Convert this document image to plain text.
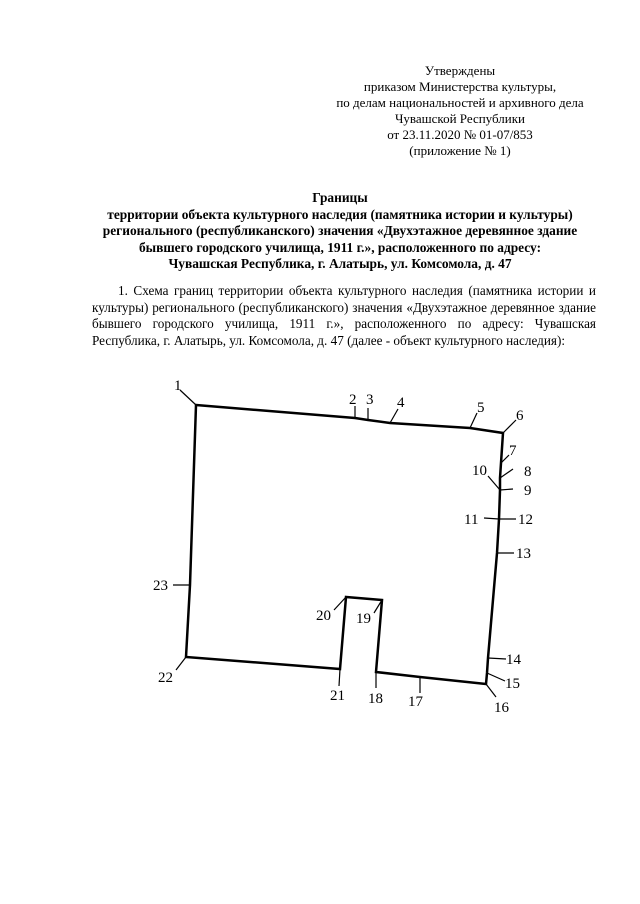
Утверждены
приказом Министерства культуры,
по делам национальностей и архивного дела
Чувашской Республики
от 23.11.2020 № 01-07/853
(приложение № 1)
Границы
территории объекта культурного наследия (памятника истории и культуры)
регионального (республиканского) значения «Двухэтажное деревянное здание
бывшего городского училища, 1911 г.», расположенного по адресу:
Чувашская Республика, г. Алатырь, ул. Комсомола, д. 47
1. Схема границ территории объекта культурного наследия (памятника истории и культуры) регионального (республиканского) значения «Двухэтажное деревянное здание бывшего городского училища, 1911 г.», расположенного по адресу: Чувашская Республика, г. Алатырь, ул. Комсомола, д. 47 (далее - объект культурного наследия):
1
2 3 4	5 6
7
8
9
10
11	12
13
14
15
16
17
18
19
20
21
22
23
